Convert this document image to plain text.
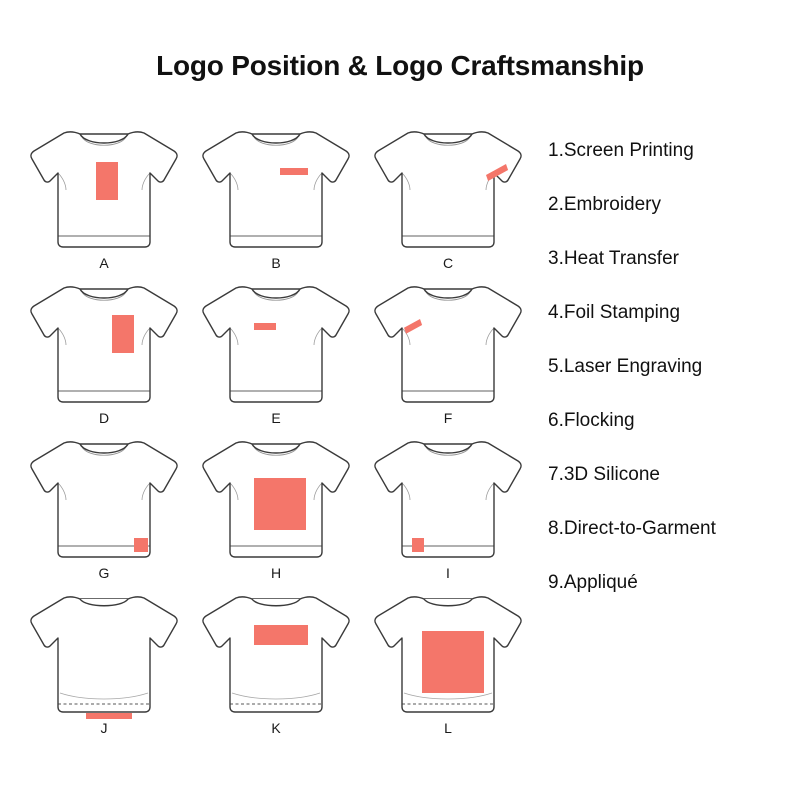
Logo Position & Logo Craftsmanship
A	B	C
D	E	F
G	H	I
J	K	L
1.Screen Printing
2.Embroidery
3.Heat Transfer
4.Foil Stamping
5.Laser Engraving
6.Flocking
7.3D Silicone
8.Direct-to-Garment
9.Appliqué
